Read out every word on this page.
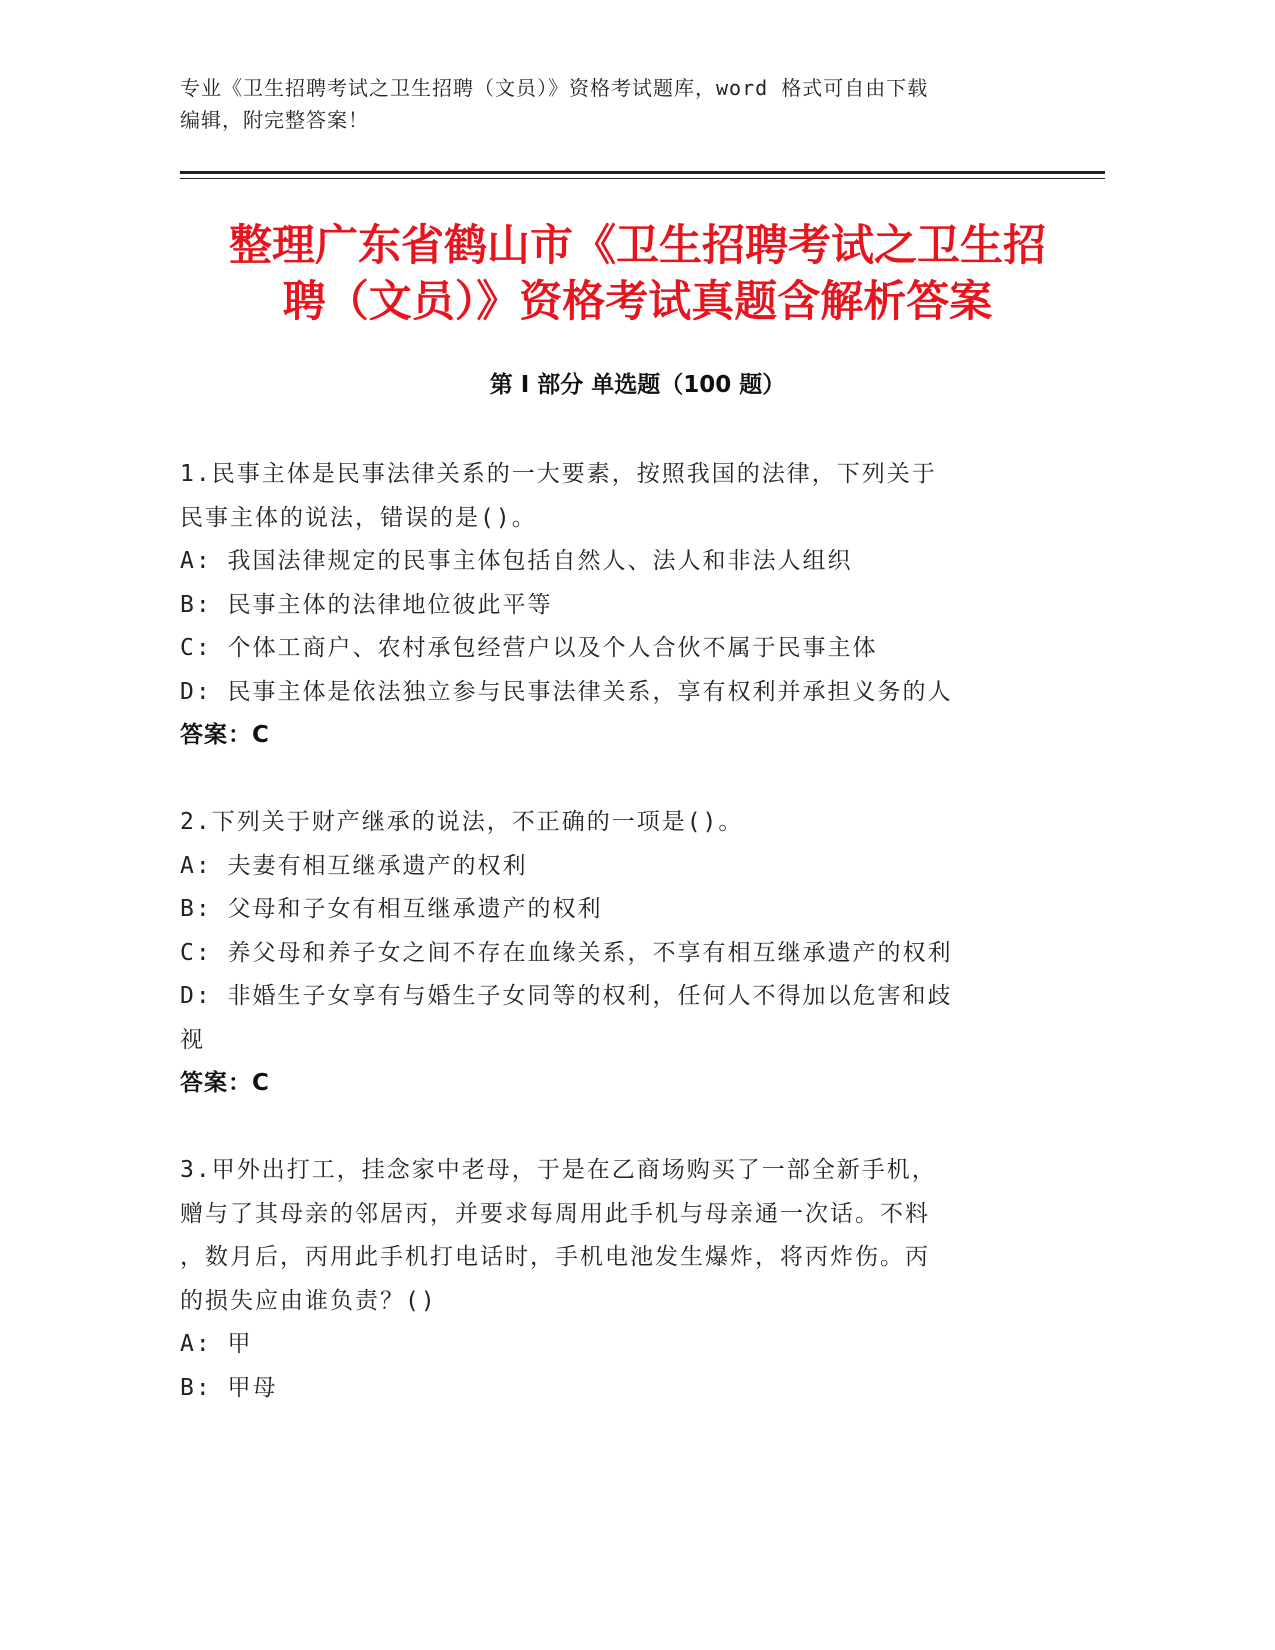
专业《卫生招聘考试之卫生招聘（文员）》资格考试题库，word 格式可自由下载
编辑，附完整答案！
整理广东省鹤山市《卫生招聘考试之卫生招
聘（文员）》资格考试真题含解析答案
第 I 部分 单选题（100 题）

1.民事主体是民事法律关系的一大要素，按照我国的法律，下列关于

民事主体的说法，错误的是()。

A: 我国法律规定的民事主体包括自然人、法人和非法人组织

B: 民事主体的法律地位彼此平等

C: 个体工商户、农村承包经营户以及个人合伙不属于民事主体

D: 民事主体是依法独立参与民事法律关系，享有权利并承担义务的人

答案：C

2.下列关于财产继承的说法，不正确的一项是()。

A: 夫妻有相互继承遗产的权利

B: 父母和子女有相互继承遗产的权利

C: 养父母和养子女之间不存在血缘关系，不享有相互继承遗产的权利

D: 非婚生子女享有与婚生子女同等的权利，任何人不得加以危害和歧

视

答案：C

3.甲外出打工，挂念家中老母，于是在乙商场购买了一部全新手机，

赠与了其母亲的邻居丙，并要求每周用此手机与母亲通一次话。不料

，数月后，丙用此手机打电话时，手机电池发生爆炸，将丙炸伤。丙

的损失应由谁负责？()

A: 甲

B: 甲母
